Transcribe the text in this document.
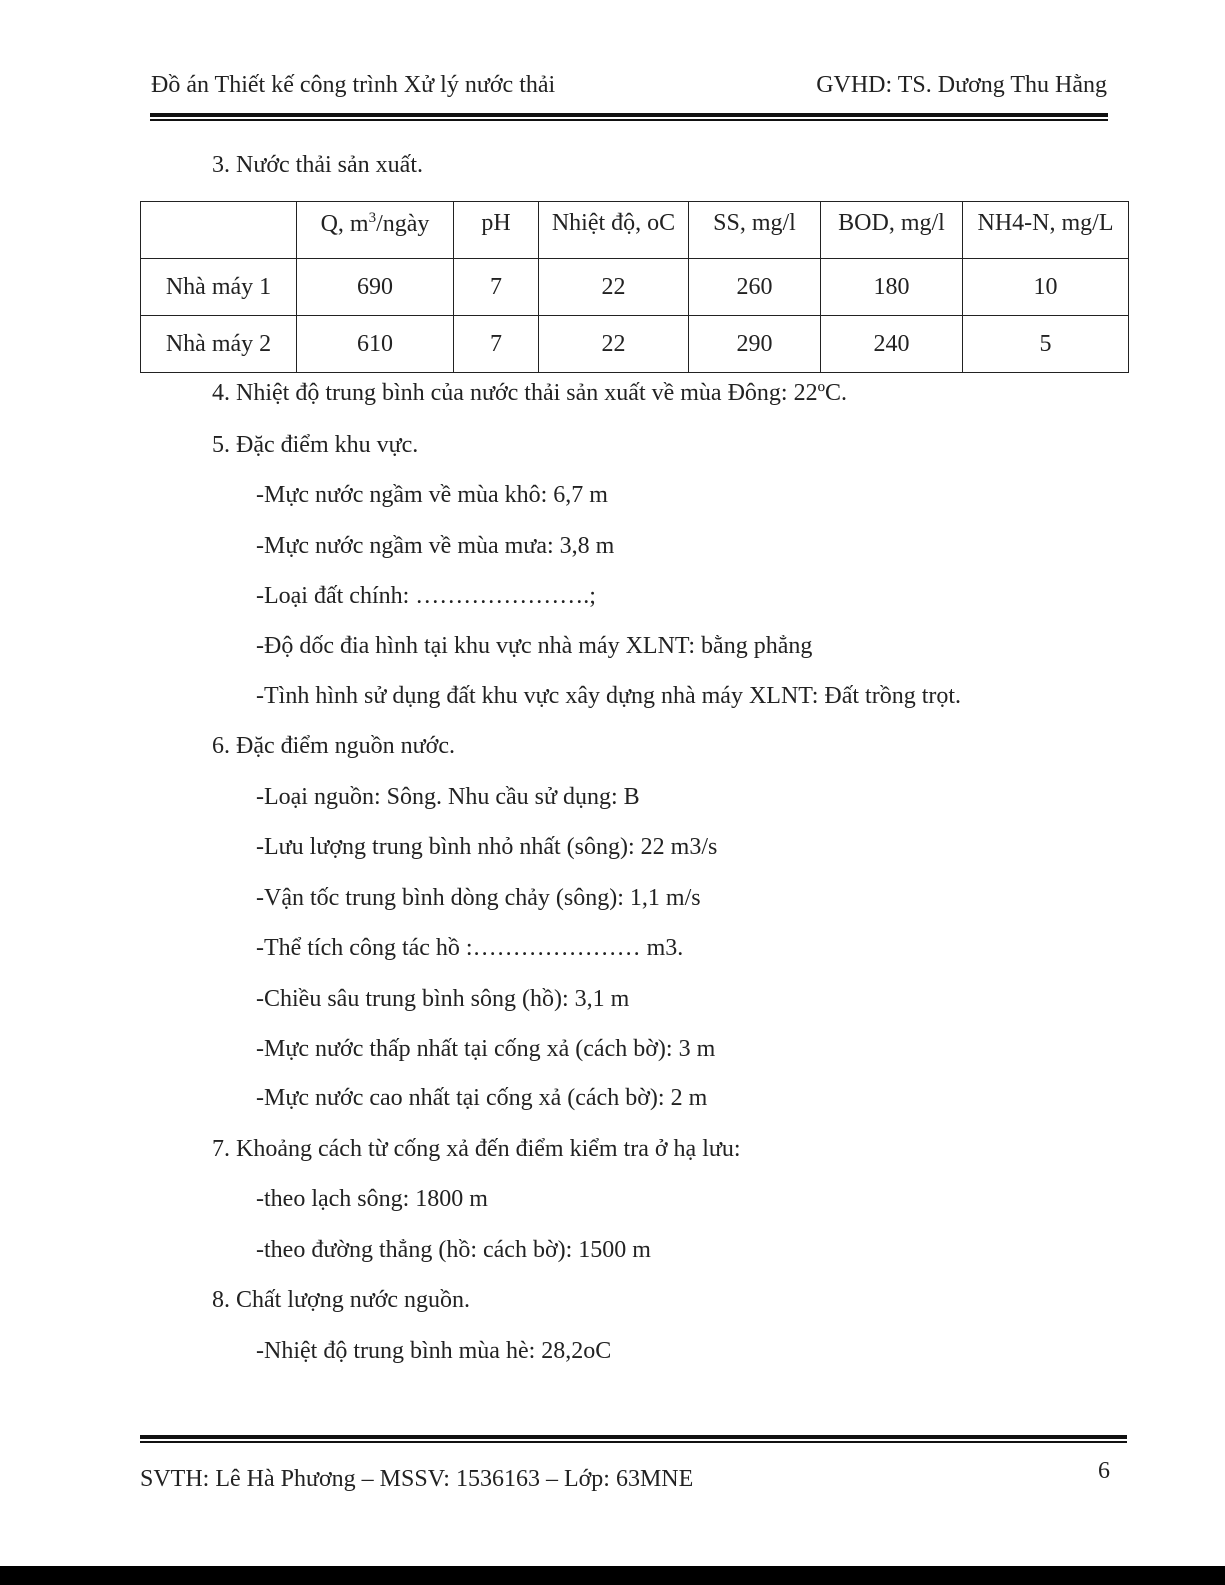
Đồ án Thiết kế công trình Xử lý nước thải	GVHD: TS. Dương Thu Hằng
3. Nước thải sản xuất.
	Q, $m^3$/ngày	pH	Nhiệt độ, oC	SS, mg/l	BOD, mg/l	NH4-N, mg/L
Nhà máy 1	690	7	22	260	180	10
Nhà máy 2	610	7	22	290	240	5
4. Nhiệt độ trung bình của nước thải sản xuất về mùa Đông: 22ºC.
5. Đặc điểm khu vực.
-Mực nước ngầm về mùa khô: 6,7 m
-Mực nước ngầm về mùa mưa: 3,8 m
-Loại đất chính: ………………….;
-Độ dốc đia hình tại khu vực nhà máy XLNT: bằng phẳng
-Tình hình sử dụng đất khu vực xây dựng nhà máy XLNT: Đất trồng trọt.
6. Đặc điểm nguồn nước.
-Loại nguồn: Sông. Nhu cầu sử dụng: B
-Lưu lượng trung bình nhỏ nhất (sông): 22 m3/s
-Vận tốc trung bình dòng chảy (sông): 1,1 m/s
-Thể tích công tác hồ :………………… m3.
-Chiều sâu trung bình sông (hồ): 3,1 m
-Mực nước thấp nhất tại cống xả (cách bờ): 3 m
-Mực nước cao nhất tại cống xả (cách bờ): 2 m
7. Khoảng cách từ cống xả đến điểm kiểm tra ở hạ lưu:
-theo lạch sông: 1800 m
-theo đường thẳng (hồ: cách bờ): 1500 m
8. Chất lượng nước nguồn.
-Nhiệt độ trung bình mùa hè: 28,2oC
SVTH: Lê Hà Phương – MSSV: 1536163 – Lớp: 63MNE	6
